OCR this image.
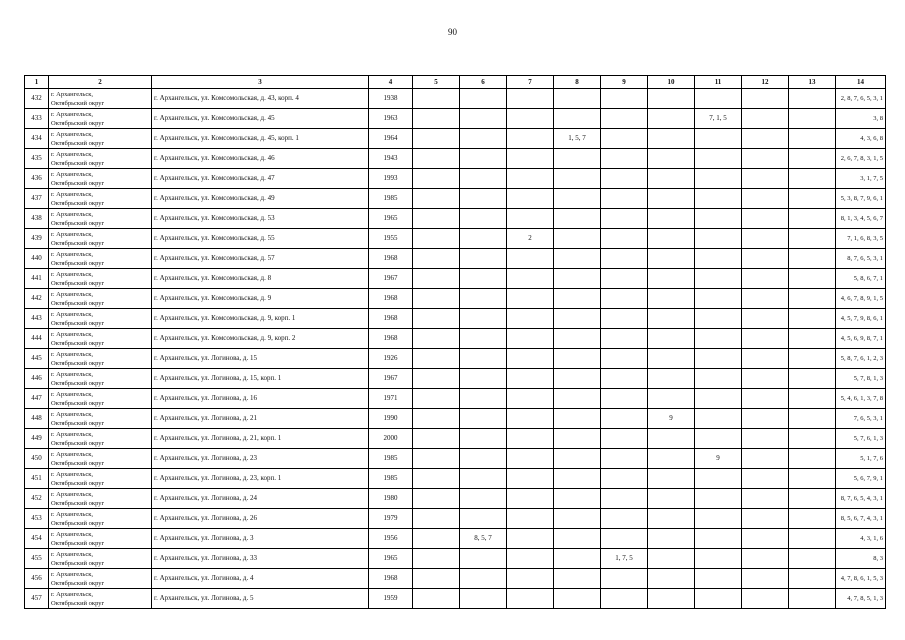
90
1	2	3	4	5	6	7	8	9	10	11	12	13	14
432	г. Архангельск,
Октябрьский округ	г. Архангельск, ул. Комсомольская, д. 43, корп. 4	1938										2, 8, 7, 6, 5, 3, 1
433	г. Архангельск,
Октябрьский округ	г. Архангельск, ул. Комсомольская, д. 45	1963							7, 1, 5			3, 8
434	г. Архангельск,
Октябрьский округ	г. Архангельск, ул. Комсомольская, д. 45, корп. 1	1964				1, 5, 7						4, 3, 6, 8
435	г. Архангельск,
Октябрьский округ	г. Архангельск, ул. Комсомольская, д. 46	1943										2, 6, 7, 8, 3, 1, 5
436	г. Архангельск,
Октябрьский округ	г. Архангельск, ул. Комсомольская, д. 47	1993										3, 1, 7, 5
437	г. Архангельск,
Октябрьский округ	г. Архангельск, ул. Комсомольская, д. 49	1985										5, 3, 8, 7, 9, 6, 1
438	г. Архангельск,
Октябрьский округ	г. Архангельск, ул. Комсомольская, д. 53	1965										8, 1, 3, 4, 5, 6, 7
439	г. Архангельск,
Октябрьский округ	г. Архангельск, ул. Комсомольская, д. 55	1955			2							7, 1, 6, 8, 3, 5
440	г. Архангельск,
Октябрьский округ	г. Архангельск, ул. Комсомольская, д. 57	1968										8, 7, 6, 5, 3, 1
441	г. Архангельск,
Октябрьский округ	г. Архангельск, ул. Комсомольская, д. 8	1967										5, 8, 6, 7, 1
442	г. Архангельск,
Октябрьский округ	г. Архангельск, ул. Комсомольская, д. 9	1968										4, 6, 7, 8, 9, 1, 5
443	г. Архангельск,
Октябрьский округ	г. Архангельск, ул. Комсомольская, д. 9, корп. 1	1968										4, 5, 7, 9, 8, 6, 1
444	г. Архангельск,
Октябрьский округ	г. Архангельск, ул. Комсомольская, д. 9, корп. 2	1968										4, 5, 6, 9, 8, 7, 1
445	г. Архангельск,
Октябрьский округ	г. Архангельск, ул. Логинова, д. 15	1926										5, 8, 7, 6, 1, 2, 3
446	г. Архангельск,
Октябрьский округ	г. Архангельск, ул. Логинова, д. 15, корп. 1	1967										5, 7, 8, 1, 3
447	г. Архангельск,
Октябрьский округ	г. Архангельск, ул. Логинова, д. 16	1971										5, 4, 6, 1, 3, 7, 8
448	г. Архангельск,
Октябрьский округ	г. Архангельск, ул. Логинова, д. 21	1990						9				7, 6, 5, 3, 1
449	г. Архангельск,
Октябрьский округ	г. Архангельск, ул. Логинова, д. 21, корп. 1	2000										5, 7, 6, 1, 3
450	г. Архангельск,
Октябрьский округ	г. Архангельск, ул. Логинова, д. 23	1985							9			5, 1, 7, 6
451	г. Архангельск,
Октябрьский округ	г. Архангельск, ул. Логинова, д. 23, корп. 1	1985										5, 6, 7, 9, 1
452	г. Архангельск,
Октябрьский округ	г. Архангельск, ул. Логинова, д. 24	1980										8, 7, 6, 5, 4, 3, 1
453	г. Архангельск,
Октябрьский округ	г. Архангельск, ул. Логинова, д. 26	1979										8, 5, 6, 7, 4, 3, 1
454	г. Архангельск,
Октябрьский округ	г. Архангельск, ул. Логинова, д. 3	1956		8, 5, 7								4, 3, 1, 6
455	г. Архангельск,
Октябрьский округ	г. Архангельск, ул. Логинова, д. 33	1965					1, 7, 5					8, 3
456	г. Архангельск,
Октябрьский округ	г. Архангельск, ул. Логинова, д. 4	1968										4, 7, 8, 6, 1, 5, 3
457	г. Архангельск,
Октябрьский округ	г. Архангельск, ул. Логинова, д. 5	1959										4, 7, 8, 5, 1, 3
